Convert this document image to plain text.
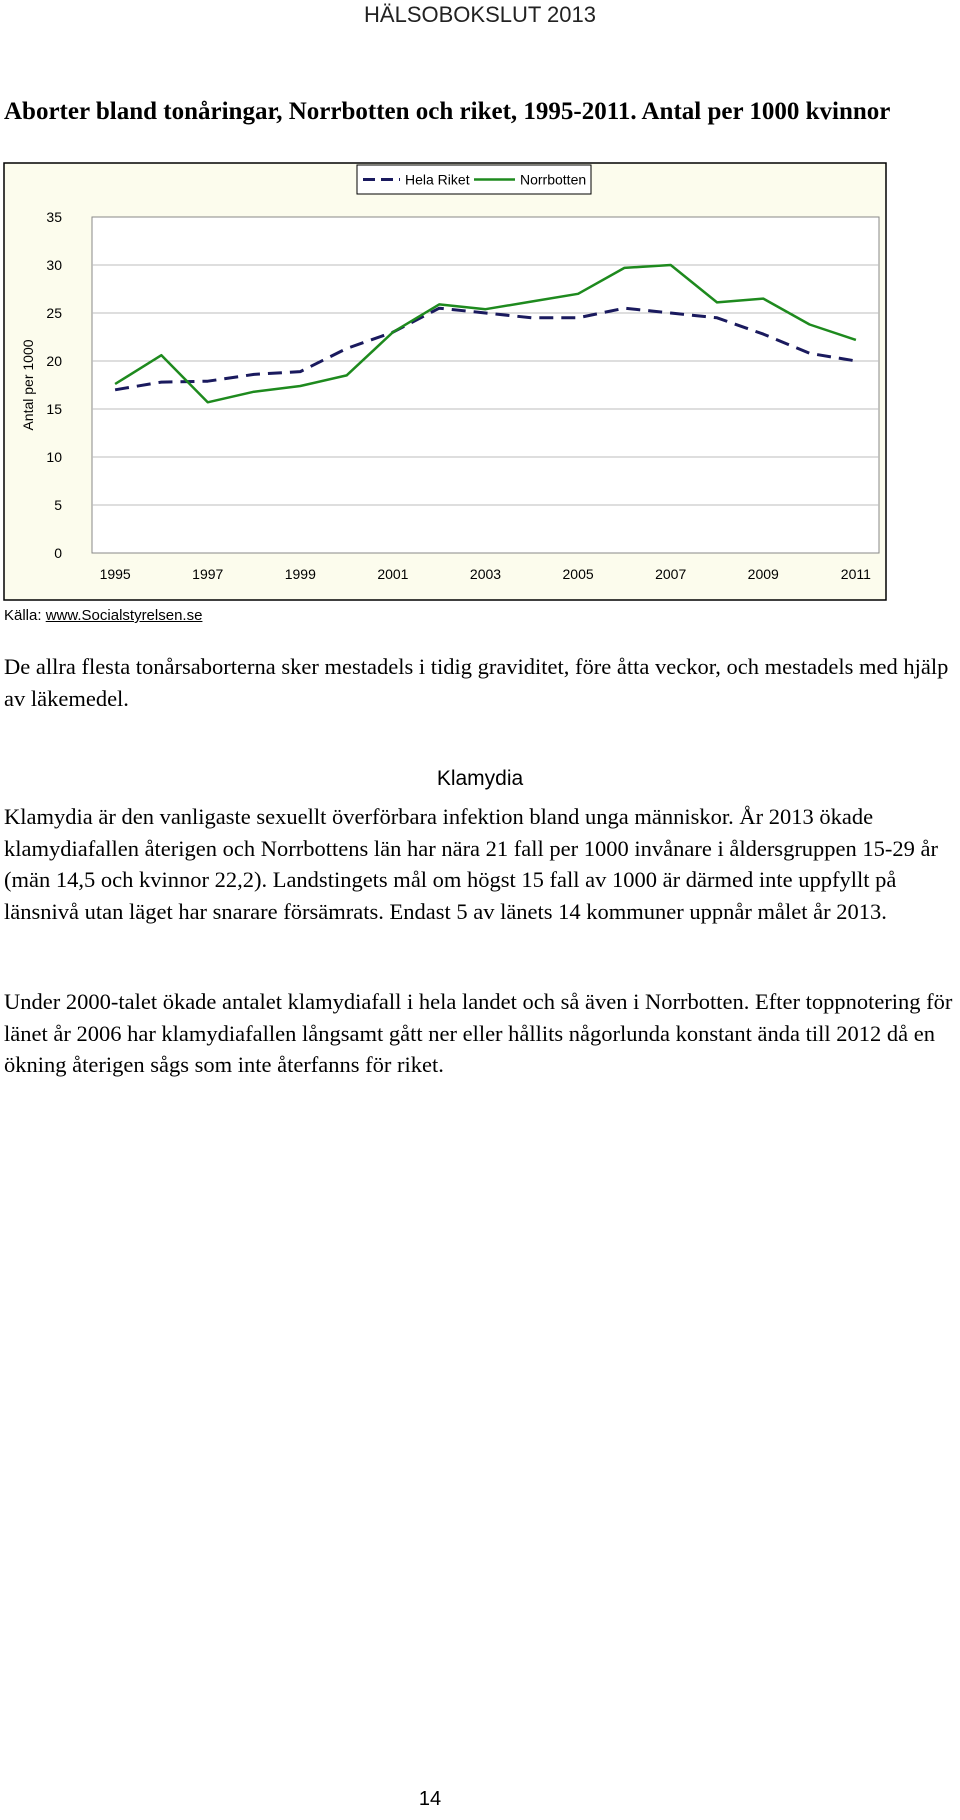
HÄLSOBOKSLUT 2013
Aborter bland tonåringar, Norrbotten och riket, 1995-2011. Antal per 1000 kvinnor
0
5
10
15
20
25
30
35
1995	1997	1999	2001	2003	2005	2007	2009	2011
Antal per 1000
Hela Riket	Norrbotten
Källa: www.Socialstyrelsen.se

De allra flesta tonårsaborterna sker mestadels i tidig graviditet, före åtta veckor, och mestadels med hjälp av läkemedel.

Klamydia

Klamydia är den vanligaste sexuellt överförbara infektion bland unga människor. År 2013 ökade klamydiafallen återigen och Norrbottens län har nära 21 fall per 1000 invånare i åldersgruppen 15-29 år (män 14,5 och kvinnor 22,2). Landstingets mål om högst 15 fall av 1000 är därmed inte uppfyllt på länsnivå utan läget har snarare försämrats. Endast 5 av länets 14 kommuner uppnår målet år 2013.

Under 2000-talet ökade antalet klamydiafall i hela landet och så även i Norrbotten. Efter toppnotering för länet år 2006 har klamydiafallen långsamt gått ner eller hållits någorlunda konstant ända till 2012 då en ökning återigen sågs som inte återfanns för riket.

14
